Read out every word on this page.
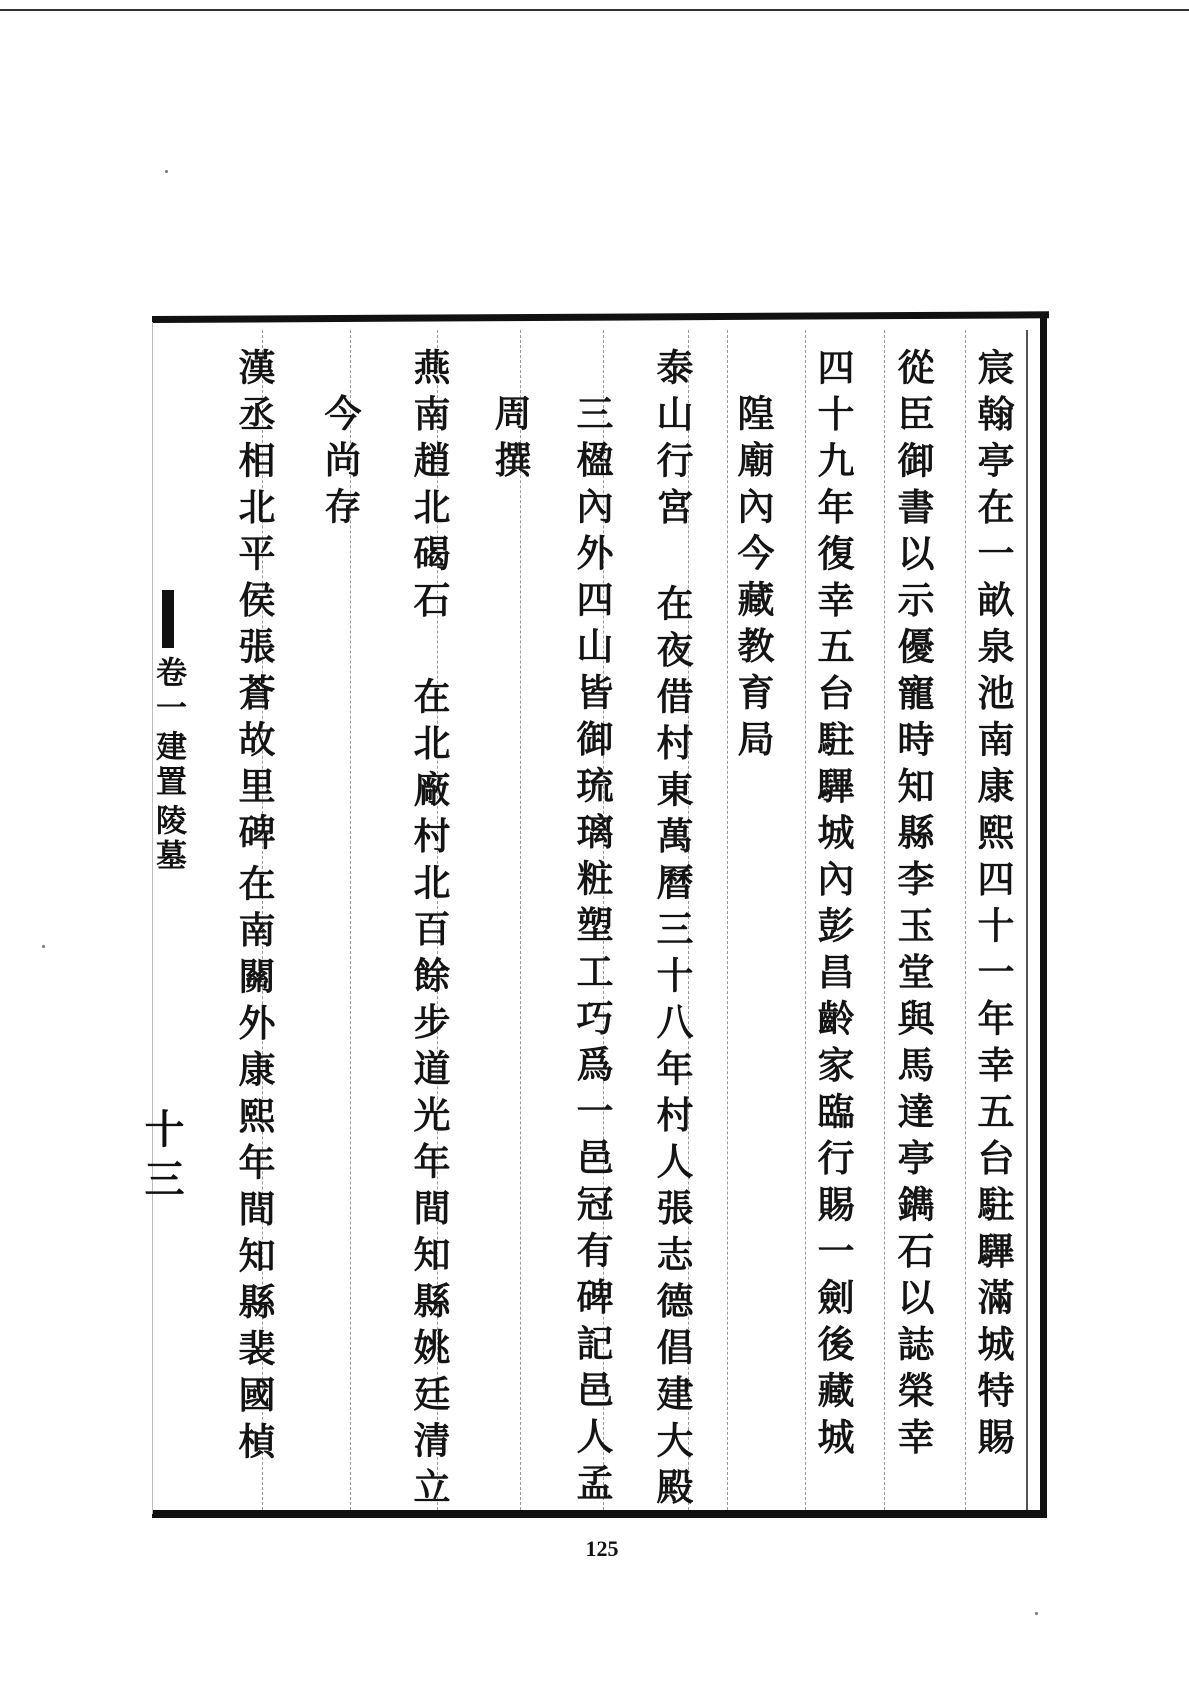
宸翰亭在一畝泉池南康熙四十一年幸五台駐驆滿城特賜
從臣御書以示優寵時知縣李玉堂與馬達亭鐫石以誌榮幸
四十九年復幸五台駐驆城內彭昌齡家臨行賜一劍後藏城
隍廟內今藏教育局
泰山行宮
在夜借村東萬曆三十八年村人張志德倡建大殿
三楹內外四山皆御琉璃粧塑工巧爲一邑冠有碑記邑人孟
周撰
燕南趙北碣石
在北廠村北百餘步道光年間知縣姚廷清立
今尚存
漢丞相北平侯張蒼故里碑 在南關外康熙年間知縣裴國楨
卷一 建置 陵墓
十三
125
